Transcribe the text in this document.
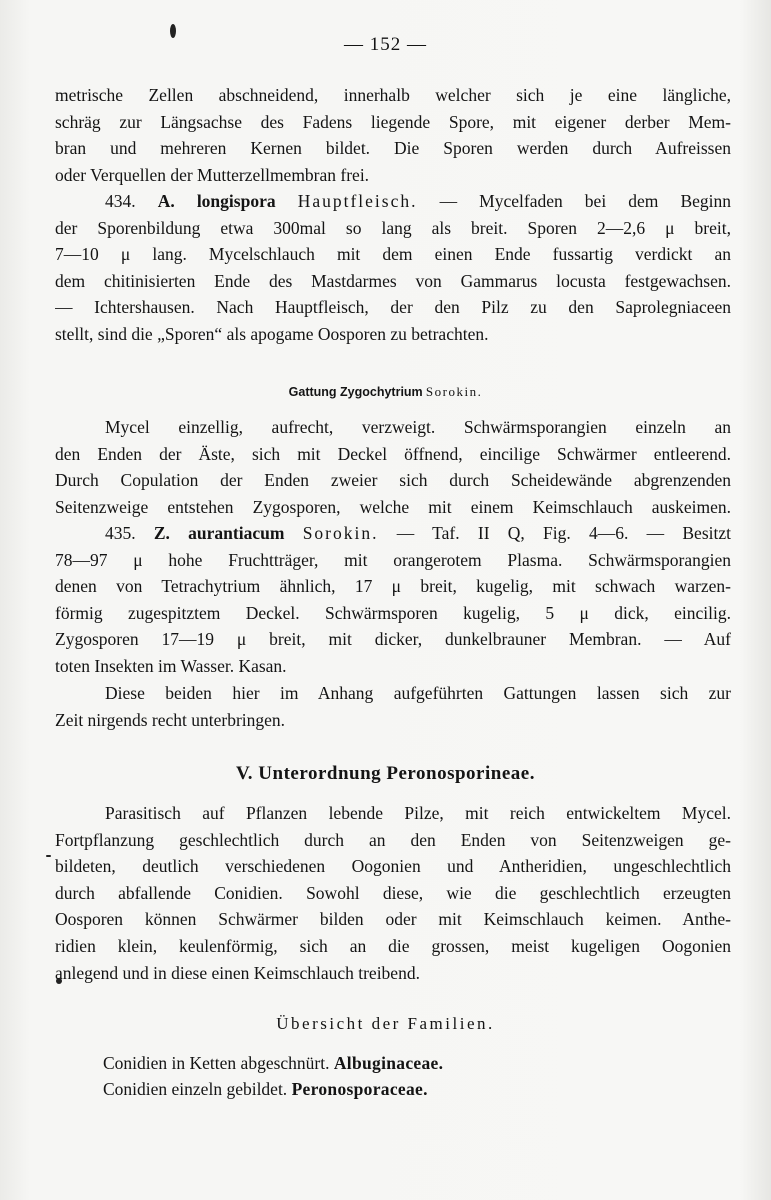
— 152 —
metrische Zellen abschneidend, innerhalb welcher sich je eine längliche,
schräg zur Längsachse des Fadens liegende Spore, mit eigener derber Mem-
bran und mehreren Kernen bildet. Die Sporen werden durch Aufreissen
oder Verquellen der Mutterzellmembran frei.
434. A. longispora Hauptfleisch. — Mycelfaden bei dem Beginn
der Sporenbildung etwa 300mal so lang als breit. Sporen 2—2,6 μ breit,
7—10 μ lang. Mycelschlauch mit dem einen Ende fussartig verdickt an
dem chitinisierten Ende des Mastdarmes von Gammarus locusta festgewachsen.
— Ichtershausen. Nach Hauptfleisch, der den Pilz zu den Saprolegniaceen
stellt, sind die „Sporen“ als apogame Oosporen zu betrachten.
Gattung Zygochytrium Sorokin.
Mycel einzellig, aufrecht, verzweigt. Schwärmsporangien einzeln an
den Enden der Äste, sich mit Deckel öffnend, eincilige Schwärmer entleerend.
Durch Copulation der Enden zweier sich durch Scheidewände abgrenzenden
Seitenzweige entstehen Zygosporen, welche mit einem Keimschlauch auskeimen.
435. Z. aurantiacum Sorokin. — Taf. II Q, Fig. 4—6. — Besitzt
78—97 μ hohe Fruchtträger, mit orangerotem Plasma. Schwärmsporangien
denen von Tetrachytrium ähnlich, 17 μ breit, kugelig, mit schwach warzen-
förmig zugespitztem Deckel. Schwärmsporen kugelig, 5 μ dick, eincilig.
Zygosporen 17—19 μ breit, mit dicker, dunkelbrauner Membran. — Auf
toten Insekten im Wasser. Kasan.
Diese beiden hier im Anhang aufgeführten Gattungen lassen sich zur
Zeit nirgends recht unterbringen.
V. Unterordnung Peronosporineae.
Parasitisch auf Pflanzen lebende Pilze, mit reich entwickeltem Mycel.
Fortpflanzung geschlechtlich durch an den Enden von Seitenzweigen ge-
bildeten, deutlich verschiedenen Oogonien und Antheridien, ungeschlechtlich
durch abfallende Conidien. Sowohl diese, wie die geschlechtlich erzeugten
Oosporen können Schwärmer bilden oder mit Keimschlauch keimen. Anthe-
ridien klein, keulenförmig, sich an die grossen, meist kugeligen Oogonien
anlegend und in diese einen Keimschlauch treibend.
Übersicht der Familien.
Conidien in Ketten abgeschnürt. Albuginaceae.
Conidien einzeln gebildet. Peronosporaceae.
